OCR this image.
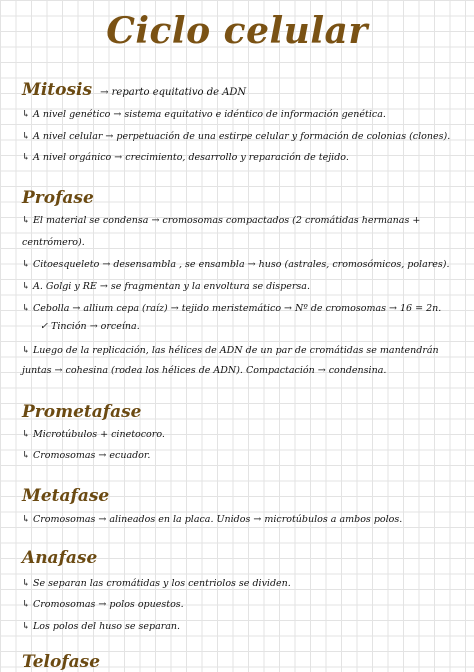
Ciclo celular
Mitosis → reparto equitativo de ADN
↳ A nivel genético → sistema equitativo e idéntico de información genética.
↳ A nivel celular → perpetuación de una estirpe celular y formación de colonias (clones).
↳ A nivel orgánico → crecimiento, desarrollo y reparación de tejido.
Profase
↳ El material se condensa → cromosomas compactados (2 cromátidas hermanas +
centrómero).
↳ Citoesqueleto → desensambla , se ensambla → huso (astrales, cromosómicos, polares).
↳ A. Golgi y RE → se fragmentan y la envoltura se dispersa.
↳ Cebolla → allium cepa (raíz) → tejido meristemático → Nº de cromosomas → 16 = 2n.
✓ Tinción → orceína.
↳ Luego de la replicación, las hélices de ADN de un par de cromátidas se mantendrán
juntas → cohesina (rodea los hélices de ADN). Compactación → condensina.
Prometafase
↳ Microtúbulos + cinetocoro.
↳ Cromosomas → ecuador.
Metafase
↳ Cromosomas → alineados en la placa. Unidos → microtúbulos a ambos polos.
Anafase
↳ Se separan las cromátidas y los centriolos se dividen.
↳ Cromosomas → polos opuestos.
↳ Los polos del huso se separan.
Telofase
